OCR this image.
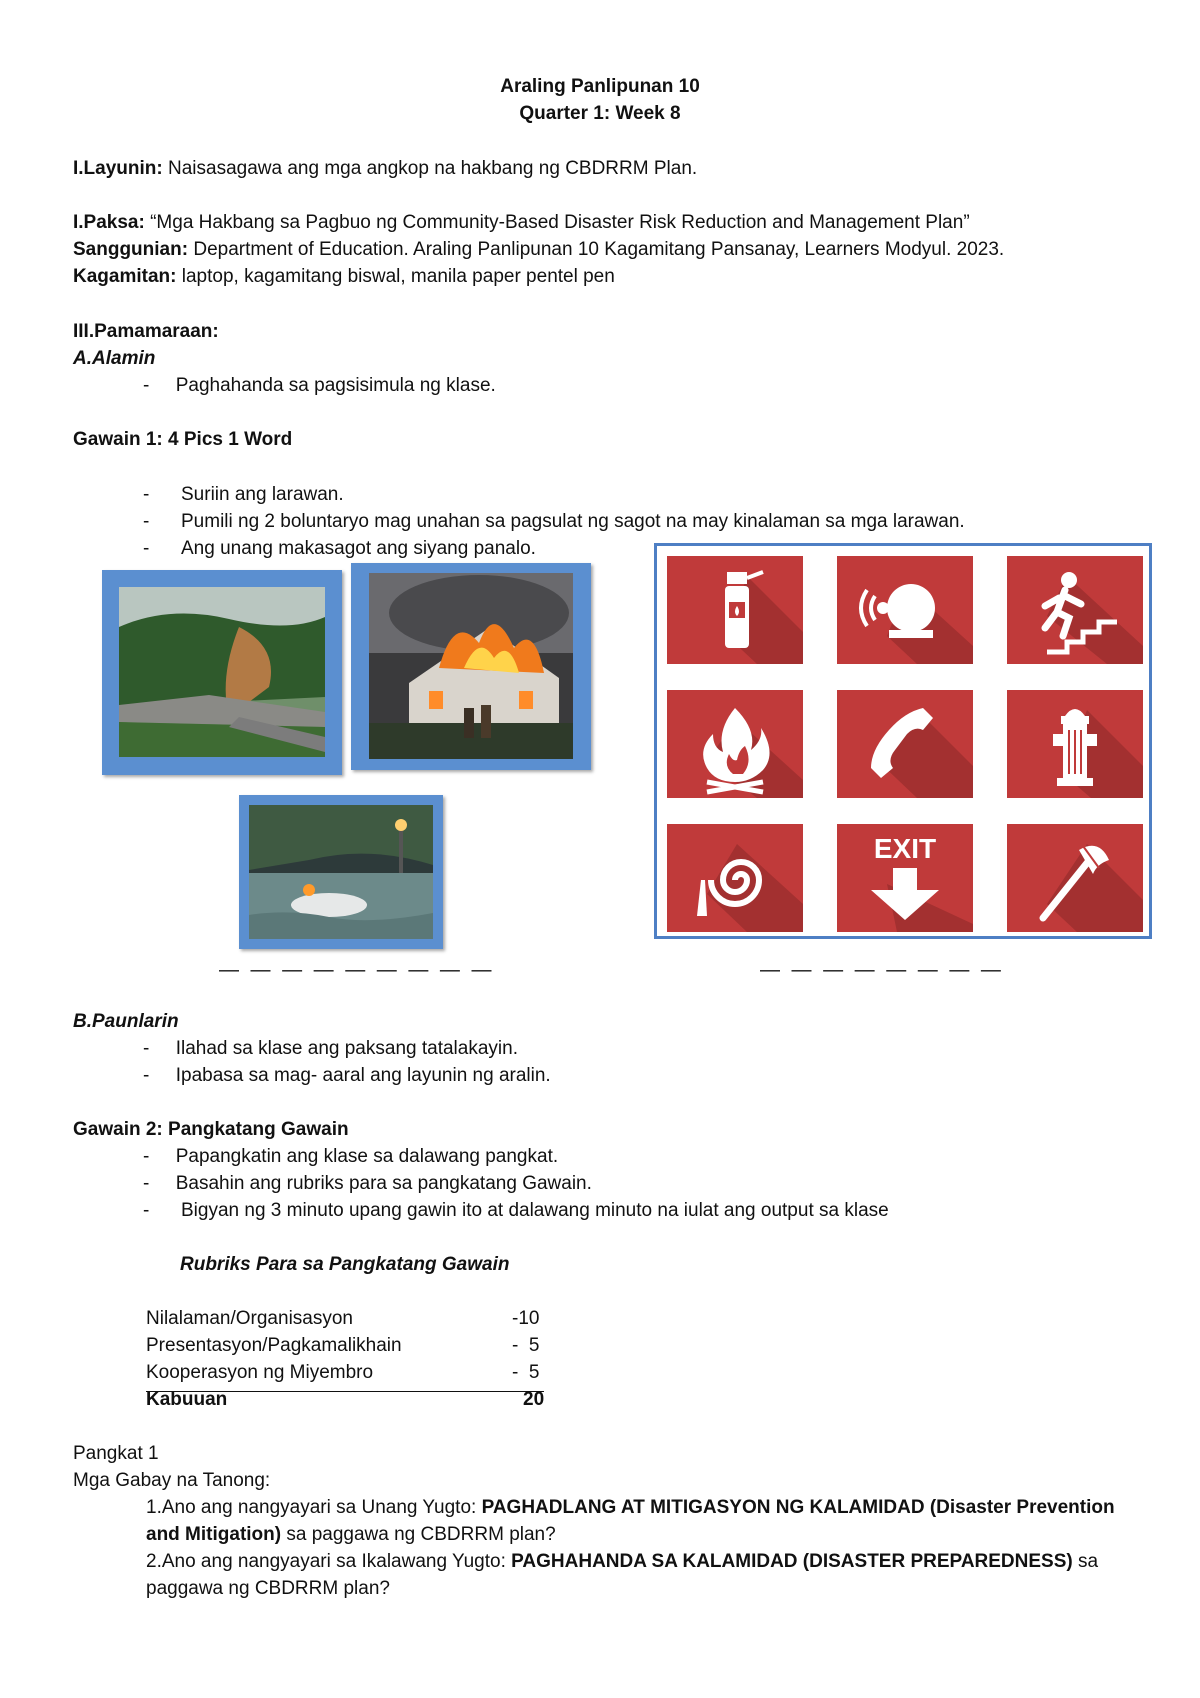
Araling Panlipunan 10
Quarter 1: Week 8
I.Layunin: Naisasagawa ang mga angkop na hakbang ng CBDRRM Plan.
I.Paksa: “Mga Hakbang sa Pagbuo ng Community-Based Disaster Risk Reduction and Management Plan”
Sanggunian: Department of Education. Araling Panlipunan 10 Kagamitang Pansanay, Learners Modyul. 2023.
Kagamitan: laptop, kagamitang biswal, manila paper pentel pen
III.Pamamaraan:
A.Alamin
-     Paghahanda sa pagsisimula ng klase.
Gawain 1: 4 Pics 1 Word
-      Suriin ang larawan.
-      Pumili ng 2 boluntaryo mag unahan sa pagsulat ng sagot na may kinalaman sa mga larawan.
-      Ang unang makasagot ang siyang panalo.
EXIT
— — — — — — — — —	— — — — — — — —
B.Paunlarin
-     Ilahad sa klase ang paksang tatalakayin.
-     Ipabasa sa mag- aaral ang layunin ng aralin.
Gawain 2: Pangkatang Gawain
-     Papangkatin ang klase sa dalawang pangkat.
-     Basahin ang rubriks para sa pangkatang Gawain.
-      Bigyan ng 3 minuto upang gawin ito at dalawang minuto na iulat ang output sa klase
Rubriks Para sa Pangkatang Gawain
Nilalaman/Organisasyon	-10
Presentasyon/Pagkamalikhain	-  5
Kooperasyon ng Miyembro	-  5
Kabuuan	20
Pangkat 1
Mga Gabay na Tanong:
1.Ano ang nangyayari sa Unang Yugto: PAGHADLANG AT MITIGASYON NG KALAMIDAD (Disaster Prevention
and Mitigation) sa paggawa ng CBDRRM plan?
2.Ano ang nangyayari sa Ikalawang Yugto: PAGHAHANDA SA KALAMIDAD (DISASTER PREPAREDNESS) sa
paggawa ng CBDRRM plan?
